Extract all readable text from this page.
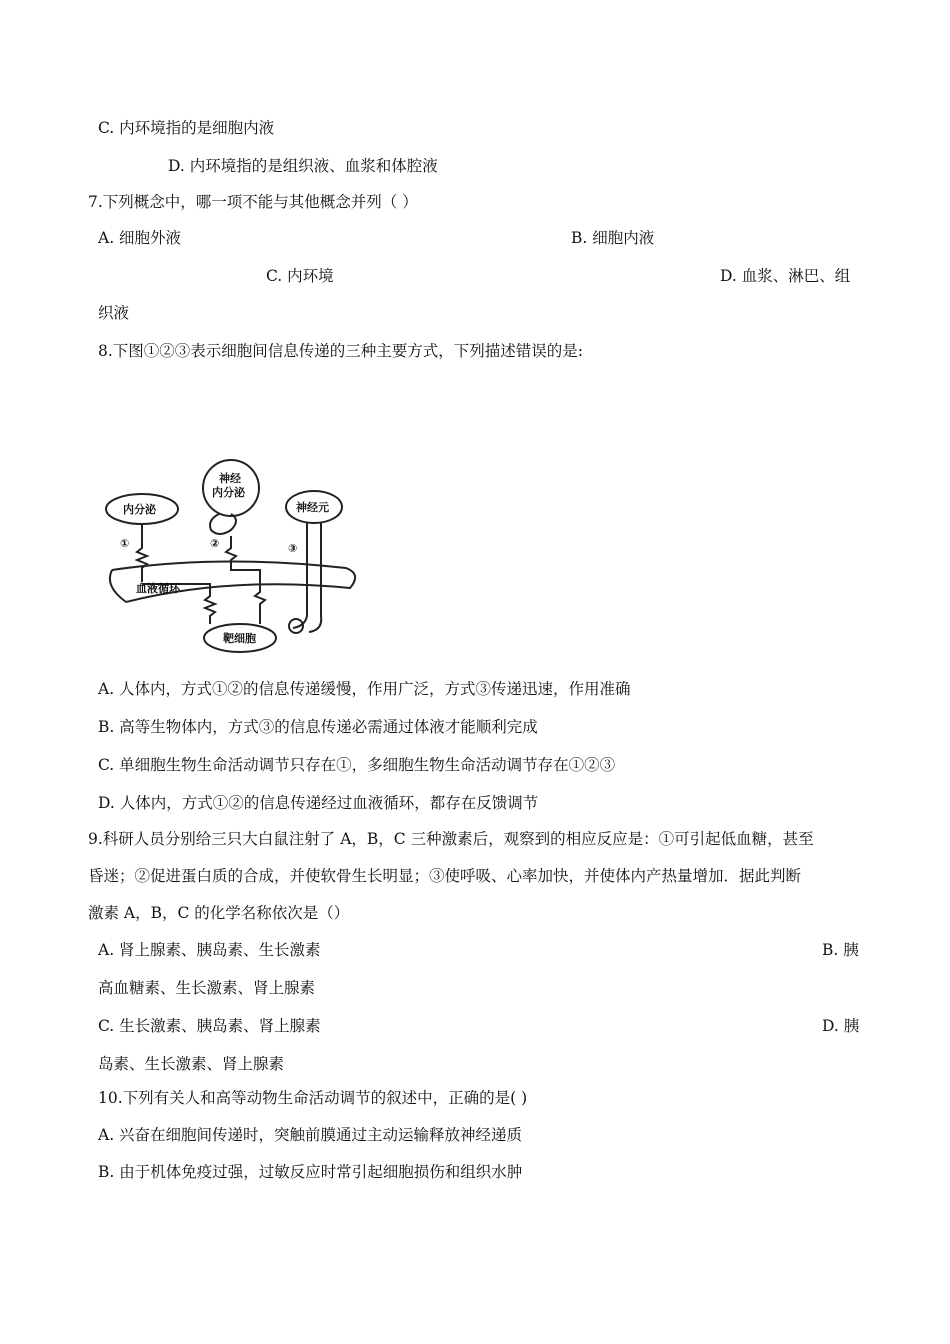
C. 内环境指的是细胞内液
D. 内环境指的是组织液、血浆和体腔液
7.下列概念中，哪一项不能与其他概念并列（ ）
A. 细胞外液	B. 细胞内液
C. 内环境	D. 血浆、淋巴、组
织液
8.下图①②③表示细胞间信息传递的三种主要方式，下列描述错误的是:
内分泌
神经
内分泌
神经元
血液循环
靶细胞
①	②	③
A. 人体内，方式①②的信息传递缓慢，作用广泛，方式③传递迅速，作用准确
B. 高等生物体内，方式③的信息传递必需通过体液才能顺利完成
C. 单细胞生物生命活动调节只存在①，多细胞生物生命活动调节存在①②③
D. 人体内，方式①②的信息传递经过血液循环，都存在反馈调节
9.科研人员分别给三只大白鼠注射了 A，B，C 三种激素后，观察到的相应反应是：①可引起低血糖，甚至
昏迷；②促进蛋白质的合成，并使软骨生长明显；③使呼吸、心率加快，并使体内产热量增加．据此判断
激素 A，B，C 的化学名称依次是（）
A. 肾上腺素、胰岛素、生长激素	B. 胰
高血糖素、生长激素、肾上腺素
C. 生长激素、胰岛素、肾上腺素	D. 胰
岛素、生长激素、肾上腺素
10.下列有关人和高等动物生命活动调节的叙述中，正确的是( )
A. 兴奋在细胞间传递时，突触前膜通过主动运输释放神经递质
B. 由于机体免疫过强，过敏反应时常引起细胞损伤和组织水肿
